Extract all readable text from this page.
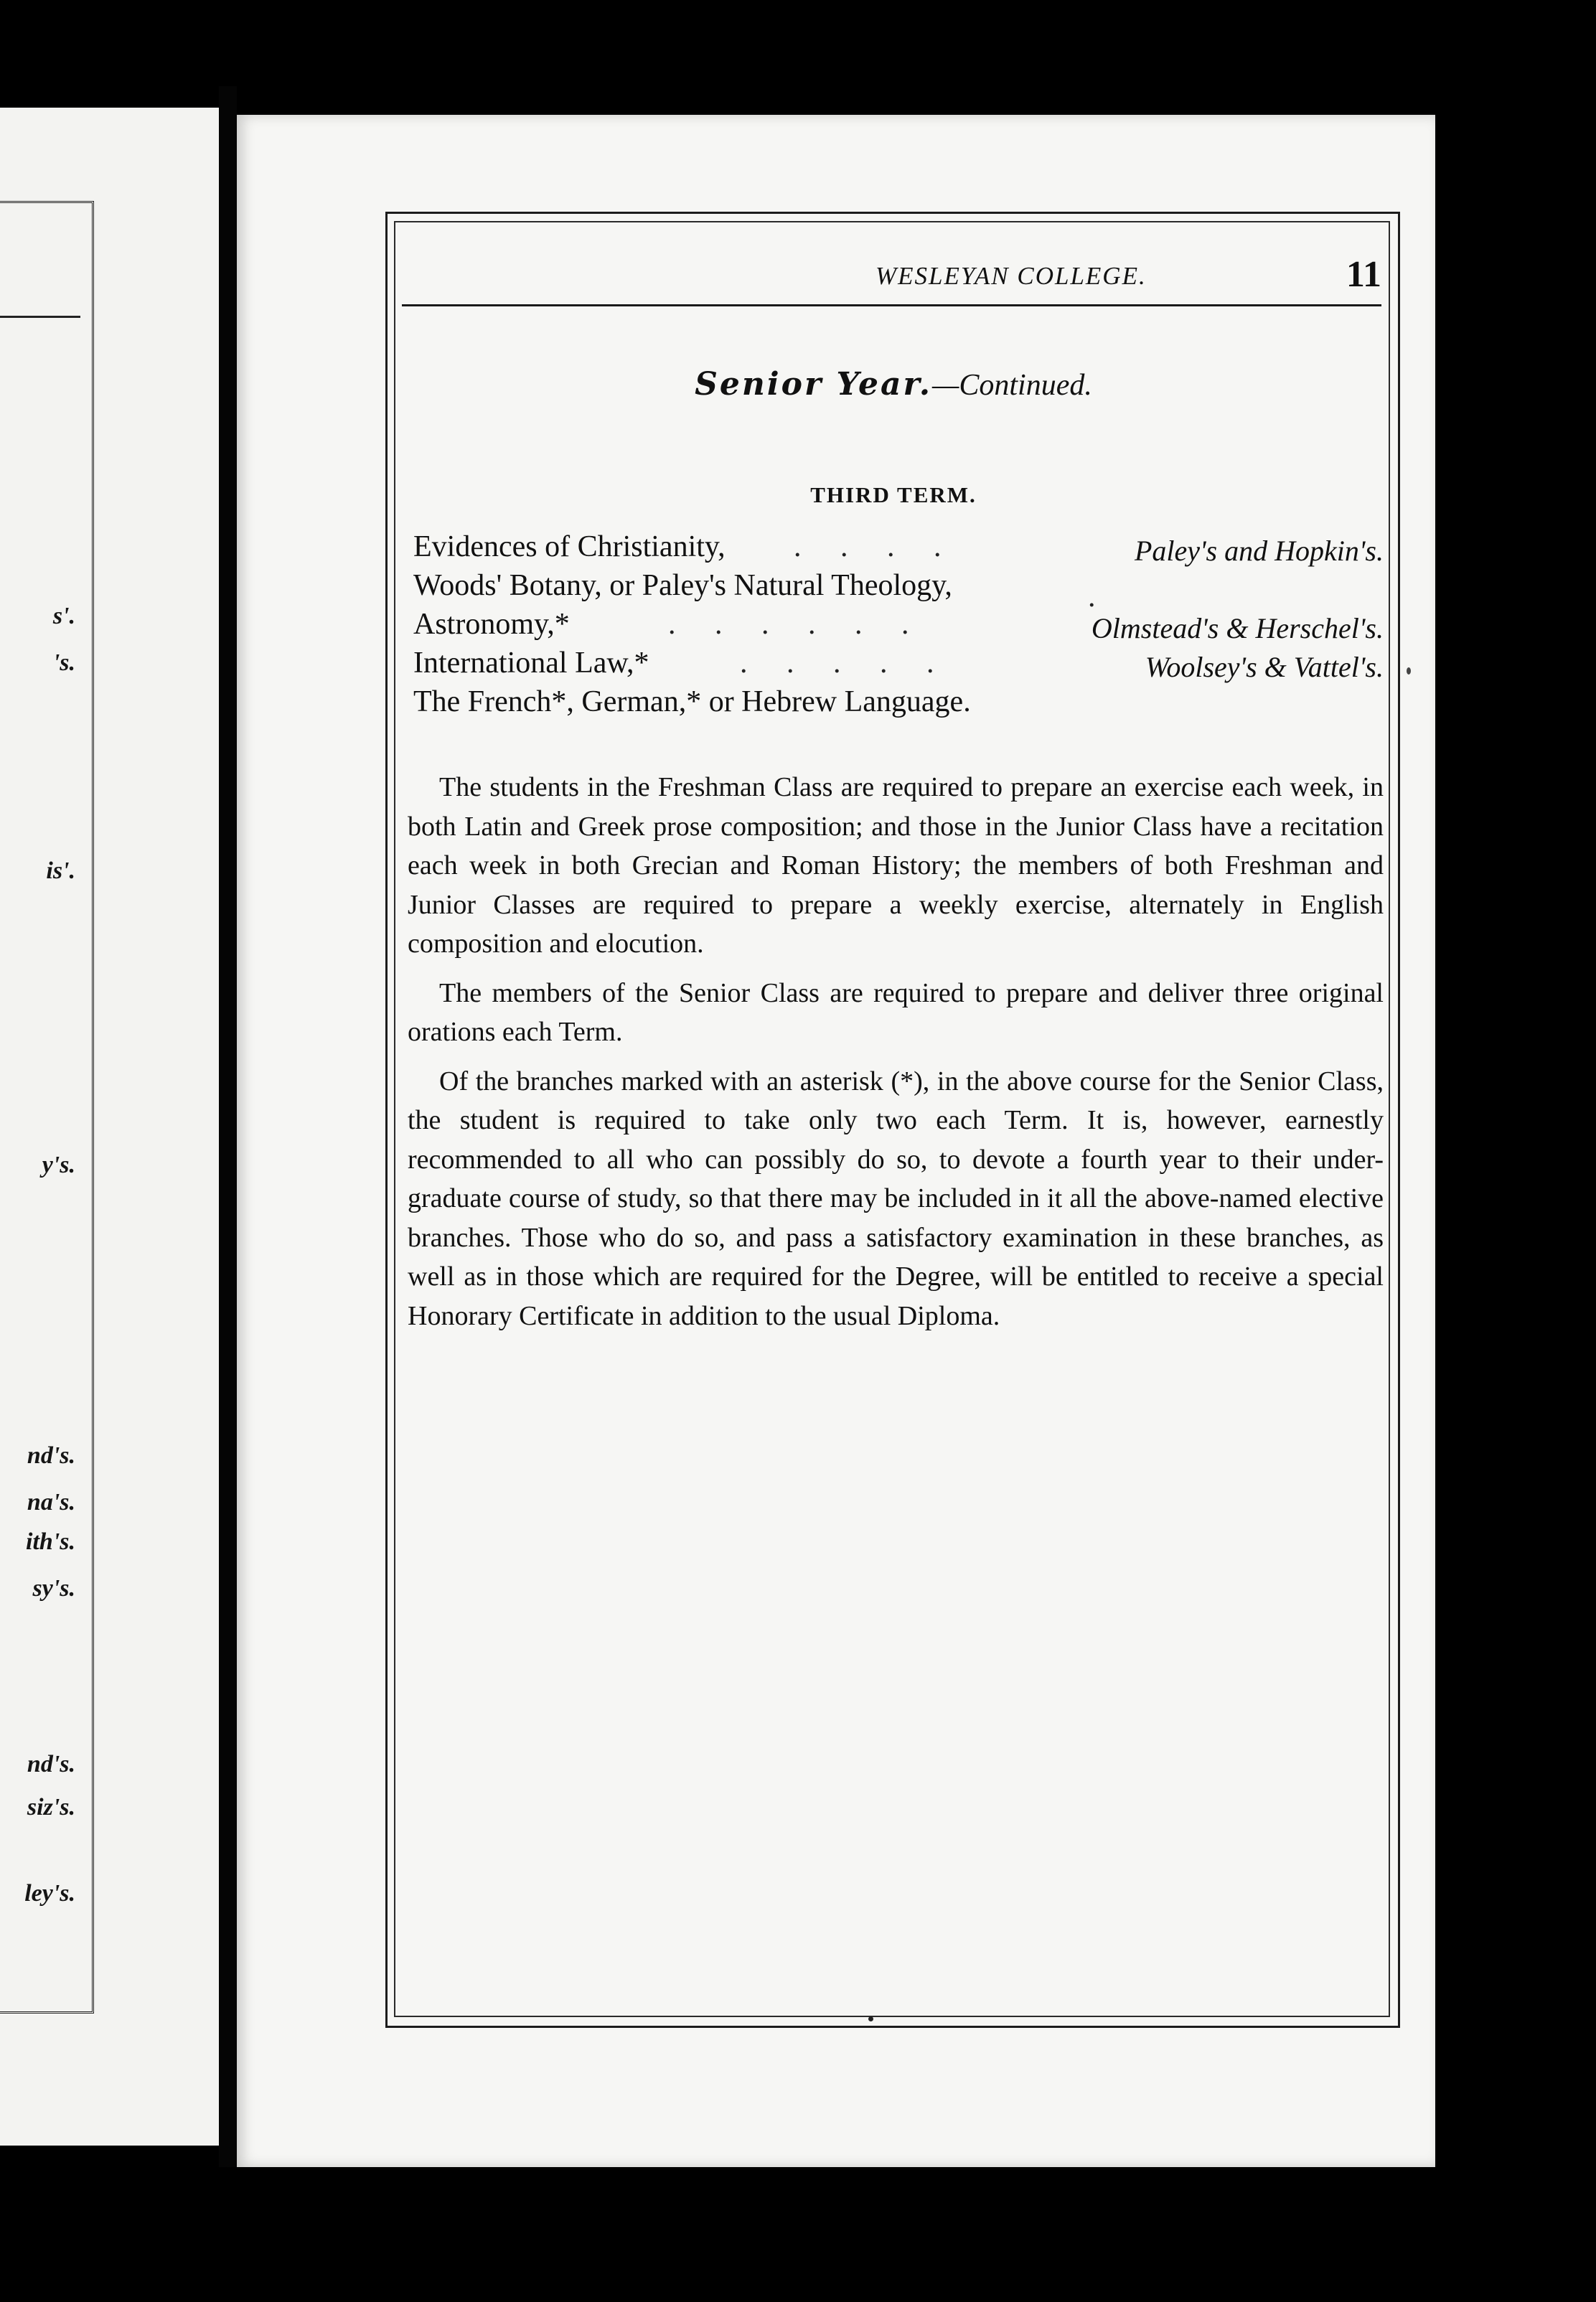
s'.
's.
is'.
y's.
nd's.
na's.
ith's.
sy's.
nd's.
siz's.
ley's.
WESLEYAN COLLEGE.	11
Senior Year.—Continued.
THIRD TERM.
Evidences of Christianity, . . . .	Paley's and Hopkin's.
Woods' Botany, or Paley's Natural Theology,	.
Astronomy,*	. . . . . .	Olmstead's & Herschel's.
International Law,*	. . . . .	Woolsey's & Vattel's.
The French*, German,* or Hebrew Language.

The students in the Freshman Class are required to prepare an exercise each week, in both Latin and Greek prose composition; and those in the Junior Class have a recitation each week in both Grecian and Roman History; the members of both Freshman and Junior Classes are required to prepare a weekly exercise, alternately in English composition and elocution.

The members of the Senior Class are required to prepare and deliver three original orations each Term.

Of the branches marked with an asterisk (*), in the above course for the Senior Class, the student is required to take only two each Term. It is, however, earnestly recommended to all who can possibly do so, to devote a fourth year to their under-graduate course of study, so that there may be included in it all the above-named elective branches. Those who do so, and pass a satisfactory examination in these branches, as well as in those which are required for the Degree, will be entitled to receive a special Honorary Certificate in addition to the usual Diploma.
